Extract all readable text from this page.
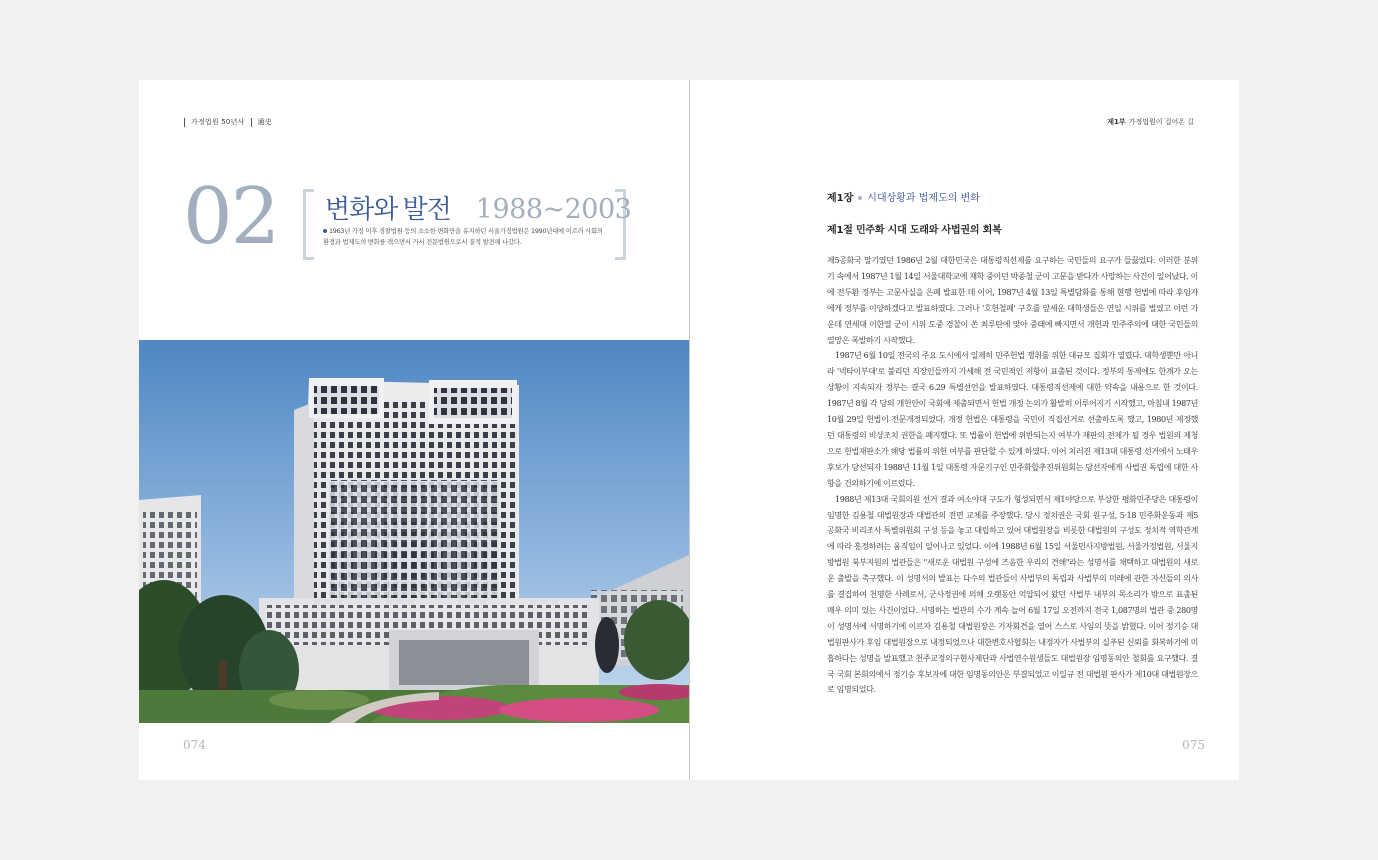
가정법원 50년사 通史
02 변화와 발전 1988~2003
1963년 가정 이후 경찰법원 등의 소소한 변화만을 유지하던 서울가정법원은 1990년대에 이르러 사회의 환경과 법제도의 변화를 겪으면서 가서 전문법원으로서 질적 발전해 나갔다.
074
제1부 가정법원이 걸어온 길
제1장 시대상황과 법제도의 변화
제1절 민주화 시대 도래와 사법권의 회복

제5공화국 말기였던 1986년 2월 대한민국은 대통령직선제를 요구하는 국민들의 요구가 들끓었다. 이러한 분위기 속에서 1987년 1월 14일 서울대학교에 재학 중이던 박종철 군이 고문을 받다가 사망하는 사건이 일어났다. 이에 전두환 정부는 고문사실을 은폐 발표한 데 이어, 1987년 4월 13일 특별담화를 통해 현행 헌법에 따라 후임자에게 정부를 이양하겠다고 발표하였다. 그러나 '호헌철폐' 구호를 앞세운 대학생들은 연일 시위를 벌였고 이런 가운데 연세대 이한열 군이 시위 도중 경찰이 쏜 최루탄에 맞아 중태에 빠지면서 개헌과 민주주의에 대한 국민들의 열망은 폭발하기 시작했다.

1987년 6월 10일 전국의 주요 도시에서 일제히 민주헌법 쟁취를 위한 대규모 집회가 열렸다. 대학생뿐만 아니라 '넥타이부대'로 불리던 직장인들까지 가세해 전 국민적인 저항이 표출된 것이다. 정부의 통제에도 한계가 오는 상황이 지속되자 정부는 결국 6.29 특별선언을 발표하였다. 대통령직선제에 대한 약속을 내용으로 한 것이다. 1987년 8월 각 당의 개헌안이 국회에 제출되면서 헌법 개정 논의가 활발히 이루어지기 시작했고, 마침내 1987년 10월 29일 헌법이 전문개정되었다. 개정 헌법은 대통령을 국민이 직접선거로 선출하도록 했고, 1980년 제정했던 대통령의 비상조치 권한을 폐지했다. 또 법률이 헌법에 위반되는지 여부가 재판의 전제가 될 경우 법원의 제청으로 헌법재판소가 해당 법률의 위헌 여부를 판단할 수 있게 하였다. 이어 치러진 제13대 대통령 선거에서 노태우 후보가 당선되자 1988년 11월 1일 대통령 자문기구인 민주화합추진위원회는 당선자에게 사법권 독립에 대한 사항을 건의하기에 이르렀다.

1988년 제13대 국회의원 선거 결과 여소야대 구도가 형성되면서 제1야당으로 부상한 평화민주당은 대통령이 임명한 김용철 대법원장과 대법관의 전면 교체를 주장했다. 당시 정치권은 국회 원구성, 5·18 민주화운동과 제5공화국 비리조사 특별위원회 구성 등을 놓고 대립하고 있어 대법원장을 비롯한 대법원의 구성도 정치적 역학관계에 따라 흥정하려는 움직임이 일어나고 있었다. 이에 1988년 6월 15일 서울민사지방법원, 서울가정법원, 서울지방법원 북부지원의 법관들은 "새로운 대법원 구성에 즈음한 우리의 견해"라는 성명서를 채택하고 대법원의 새로운 출발을 촉구했다. 이 성명서의 발표는 다수의 법관들이 사법부의 독립과 사법부의 미래에 관한 자신들의 의사를 결집하여 천명한 사례로서, 군사정권에 의해 오랫동안 억압되어 왔던 사법부 내부의 목소리가 밖으로 표출된 매우 의미 있는 사건이었다. 서명하는 법관의 수가 계속 늘어 6월 17일 오전까지 전국 1,087명의 법관 중 280명이 성명서에 서명하기에 이르자 김용철 대법원장은 기자회견을 열어 스스로 사임의 뜻을 밝혔다. 이어 정기승 대법원판사가 후임 대법원장으로 내정되었으나 대한변호사협회는 내정자가 사법부의 실추된 신뢰를 회복하기에 미흡하다는 성명을 발표했고 천주교정의구현사제단과 사법연수원생들도 대법원장 임명동의안 철회를 요구했다. 결국 국회 본회의에서 정기승 후보자에 대한 임명동의안은 부결되었고 이일규 전 대법원 판사가 제10대 대법원장으로 임명되었다.

075
